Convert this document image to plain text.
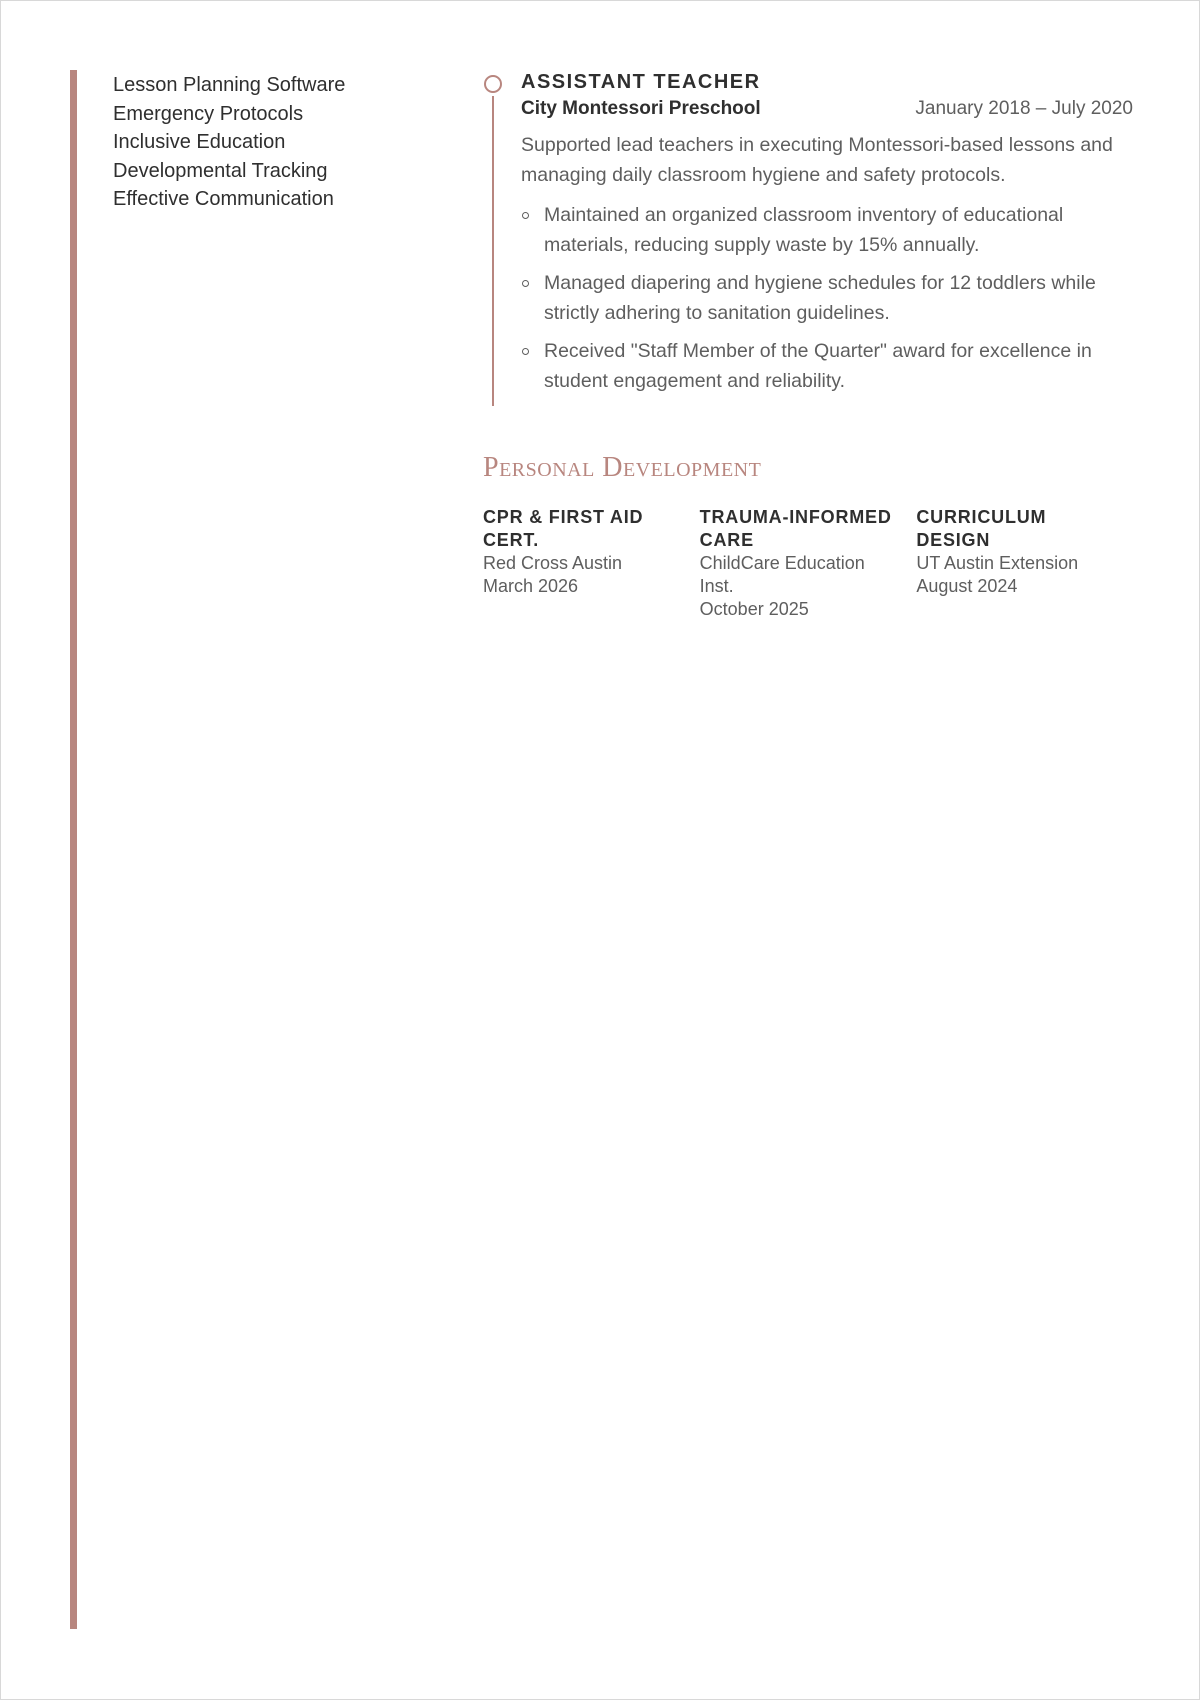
Lesson Planning Software
Emergency Protocols
Inclusive Education
Developmental Tracking
Effective Communication
ASSISTANT TEACHER
City Montessori Preschool	January 2018 – July 2020
Supported lead teachers in executing Montessori-based lessons and managing daily classroom hygiene and safety protocols.
Maintained an organized classroom inventory of educational materials, reducing supply waste by 15% annually.
Managed diapering and hygiene schedules for 12 toddlers while strictly adhering to sanitation guidelines.
Received "Staff Member of the Quarter" award for excellence in student engagement and reliability.
Personal Development
CPR & FIRST AID CERT.
Red Cross Austin
March 2026
TRAUMA-INFORMED CARE
ChildCare Education Inst.
October 2025
CURRICULUM DESIGN
UT Austin Extension
August 2024
